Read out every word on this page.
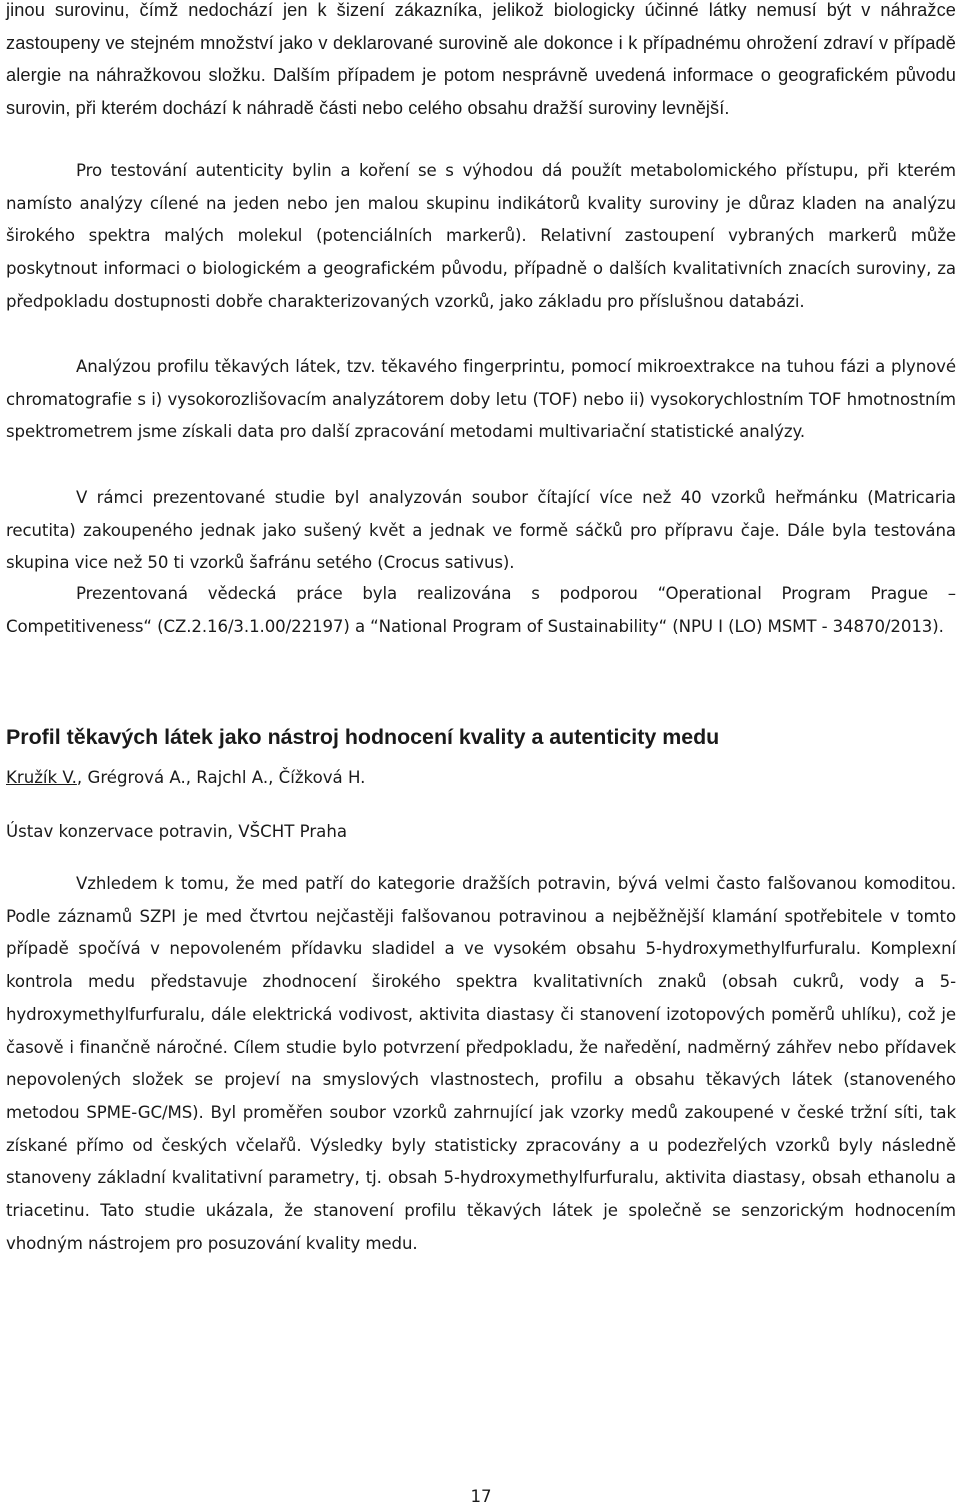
jinou surovinu, čímž nedochází jen k šizení zákazníka, jelikož biologicky účinné látky nemusí být v náhražce zastoupeny ve stejném množství jako v deklarované surovině ale dokonce i k případnému ohrožení zdraví v případě alergie na náhražkovou složku. Dalším případem je potom nesprávně uvedená informace o geografickém původu surovin, při kterém dochází k náhradě části nebo celého obsahu dražší suroviny levnější.

Pro testování autenticity bylin a koření se s výhodou dá použít metabolomického přístupu, při kterém namísto analýzy cílené na jeden nebo jen malou skupinu indikátorů kvality suroviny je důraz kladen na analýzu širokého spektra malých molekul (potenciálních markerů). Relativní zastoupení vybraných markerů může poskytnout informaci o biologickém a geografickém původu, případně o dalších kvalitativních znacích suroviny, za předpokladu dostupnosti dobře charakterizovaných vzorků, jako základu pro příslušnou databázi.

Analýzou profilu těkavých látek, tzv. těkavého fingerprintu, pomocí mikroextrakce na tuhou fázi a plynové chromatografie s i) vysokorozlišovacím analyzátorem doby letu (TOF) nebo ii) vysokorychlostním TOF hmotnostním spektrometrem jsme získali data pro další zpracování metodami multivariační statistické analýzy.

V rámci prezentované studie byl analyzován soubor čítající více než 40 vzorků heřmánku (Matricaria recutita) zakoupeného jednak jako sušený květ a jednak ve formě sáčků pro přípravu čaje. Dále byla testována skupina vice než 50 ti vzorků šafránu setého (Crocus sativus).

Prezentovaná vědecká práce byla realizována s podporou “Operational Program Prague – Competitiveness“ (CZ.2.16/3.1.00/22197) a “National Program of Sustainability“ (NPU I (LO) MSMT - 34870/2013).

Profil těkavých látek jako nástroj hodnocení kvality a autenticity medu
Kružík V., Grégrová A., Rajchl A., Čížková H.
Ústav konzervace potravin, VŠCHT Praha

Vzhledem k tomu, že med patří do kategorie dražších potravin, bývá velmi často falšovanou komoditou. Podle záznamů SZPI je med čtvrtou nejčastěji falšovanou potravinou a nejběžnější klamání spotřebitele v tomto případě spočívá v nepovoleném přídavku sladidel a ve vysokém obsahu 5-hydroxymethylfurfuralu. Komplexní kontrola medu představuje zhodnocení širokého spektra kvalitativních znaků (obsah cukrů, vody a 5-hydroxymethylfurfuralu, dále elektrická vodivost, aktivita diastasy či stanovení izotopových poměrů uhlíku), což je časově i finančně náročné. Cílem studie bylo potvrzení předpokladu, že naředění, nadměrný záhřev nebo přídavek nepovolených složek se projeví na smyslových vlastnostech, profilu a obsahu těkavých látek (stanoveného metodou SPME-GC/MS). Byl proměřen soubor vzorků zahrnující jak vzorky medů zakoupené v české tržní síti, tak získané přímo od českých včelařů. Výsledky byly statisticky zpracovány a u podezřelých vzorků byly následně stanoveny základní kvalitativní parametry, tj. obsah 5-hydroxymethylfurfuralu, aktivita diastasy, obsah ethanolu a triacetinu. Tato studie ukázala, že stanovení profilu těkavých látek je společně se senzorickým hodnocením vhodným nástrojem pro posuzování kvality medu.

17
